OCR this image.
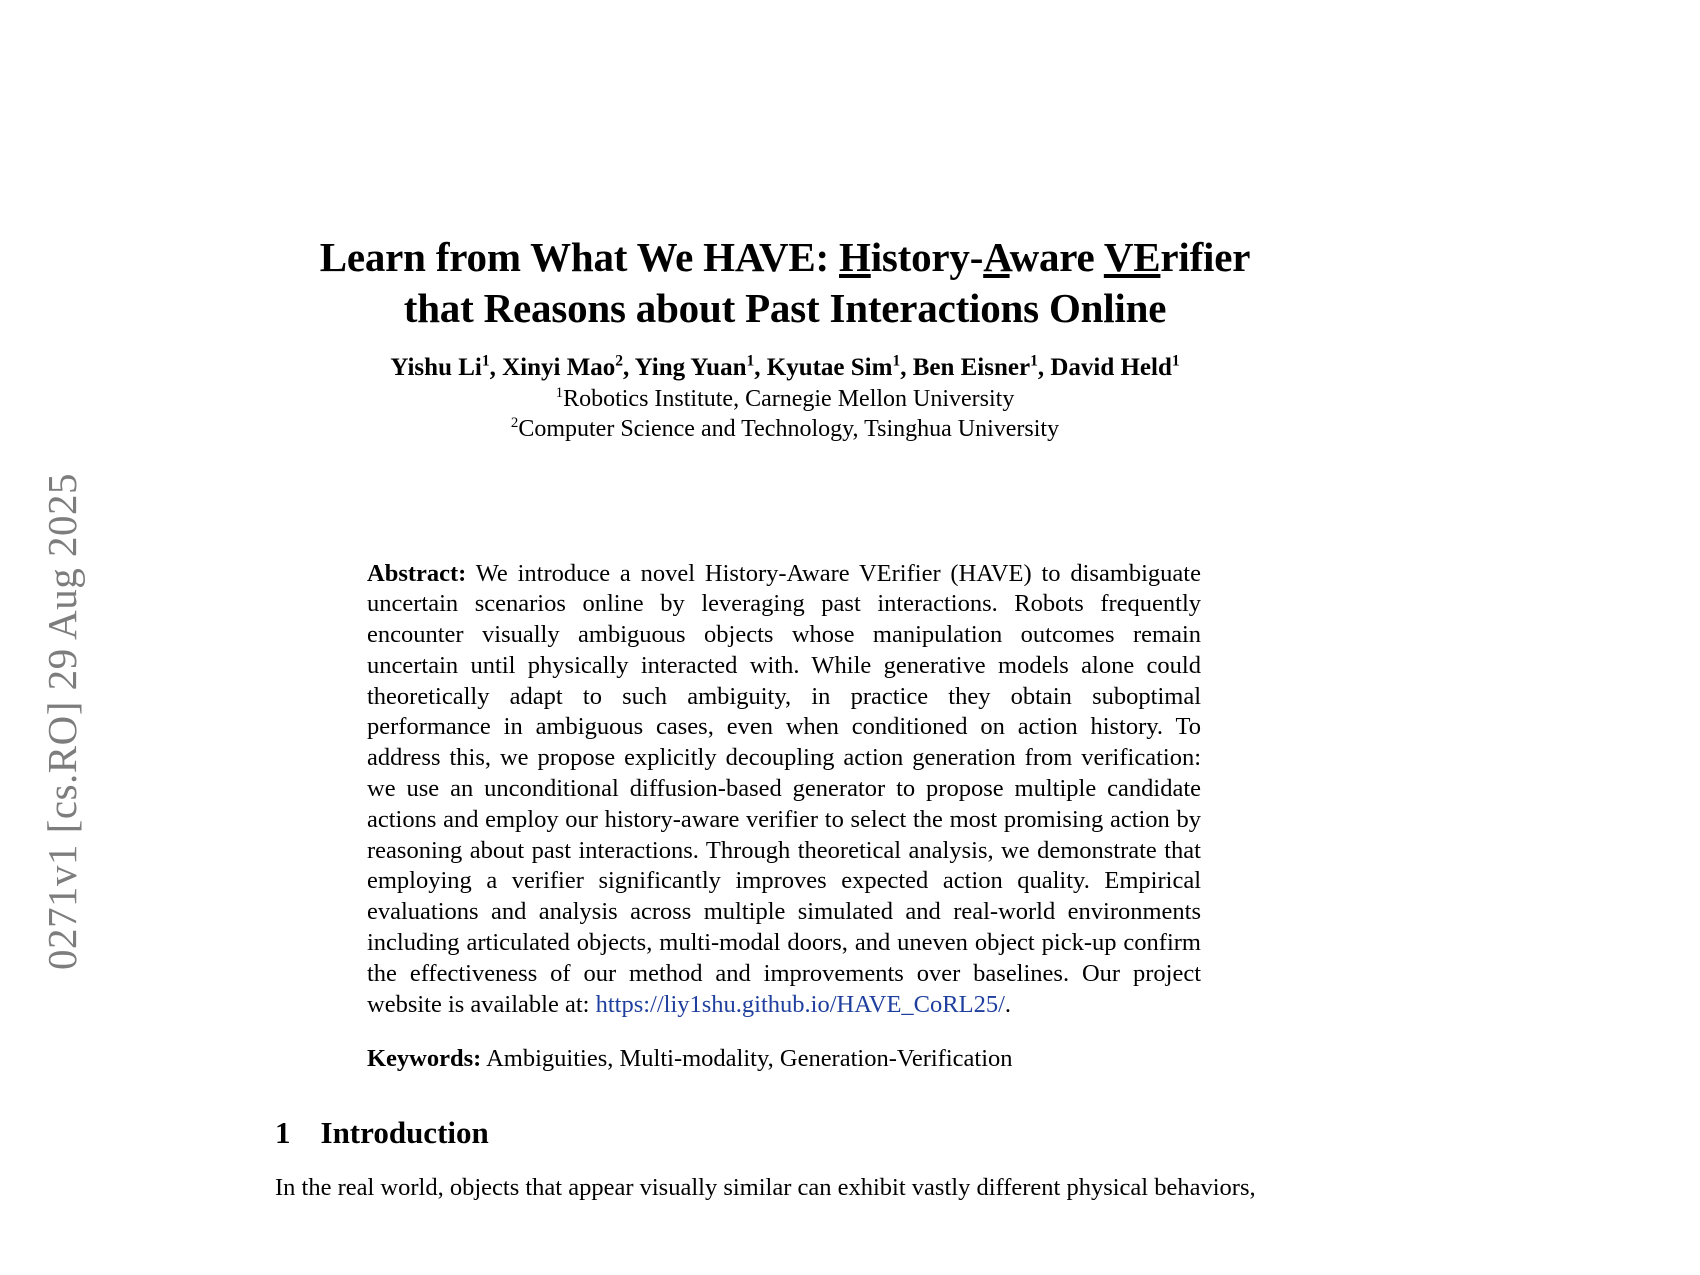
0271v1 [cs.RO] 29 Aug 2025
Learn from What We HAVE: History-Aware VErifier
that Reasons about Past Interactions Online
Yishu Li$^1$, Xinyi Mao$^2$, Ying Yuan$^1$, Kyutae Sim$^1$, Ben Eisner$^1$, David Held$^1$
$^1$Robotics Institute, Carnegie Mellon University
$^2$Computer Science and Technology, Tsinghua University

Abstract: We introduce a novel History-Aware VErifier (HAVE) to disambiguate uncertain scenarios online by leveraging past interactions. Robots frequently encounter visually ambiguous objects whose manipulation outcomes remain uncertain until physically interacted with. While generative models alone could theoretically adapt to such ambiguity, in practice they obtain suboptimal performance in ambiguous cases, even when conditioned on action history. To address this, we propose explicitly decoupling action generation from verification: we use an unconditional diffusion-based generator to propose multiple candidate actions and employ our history-aware verifier to select the most promising action by reasoning about past interactions. Through theoretical analysis, we demonstrate that employing a verifier significantly improves expected action quality. Empirical evaluations and analysis across multiple simulated and real-world environments including articulated objects, multi-modal doors, and uneven object pick-up confirm the effectiveness of our method and improvements over baselines. Our project website is available at: https://liy1shu.github.io/HAVE_CoRL25/.

Keywords: Ambiguities, Multi-modality, Generation-Verification

1 Introduction

In the real world, objects that appear visually similar can exhibit vastly different physical behaviors,
